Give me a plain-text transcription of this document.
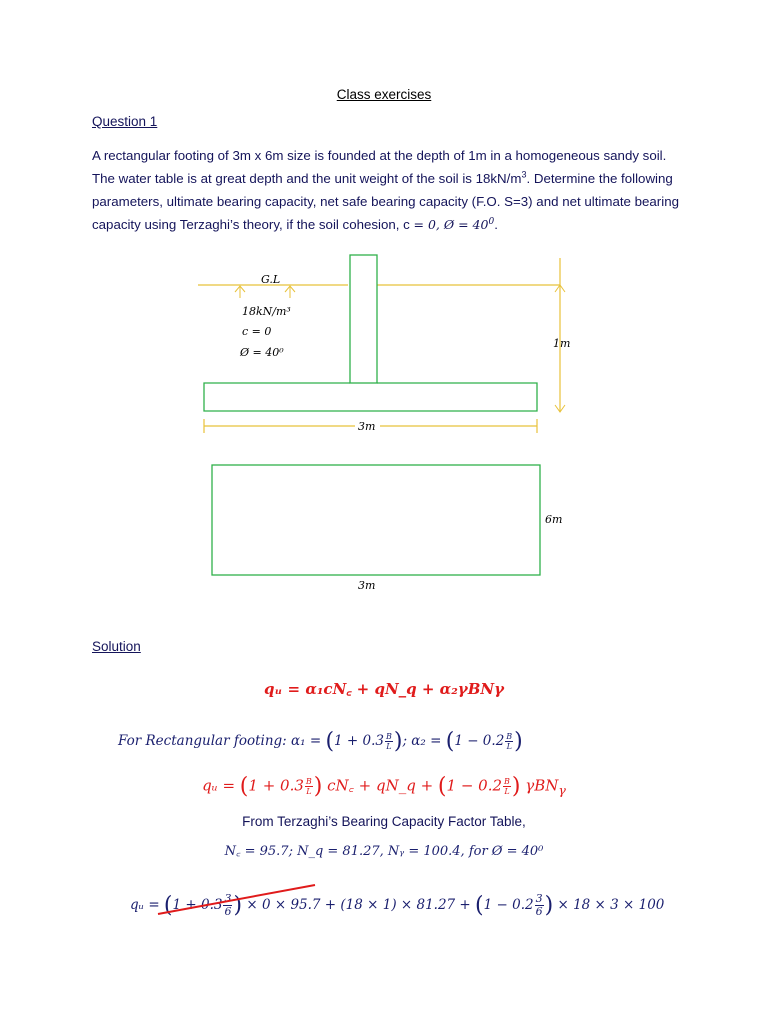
Class exercises
Question 1
A rectangular footing of 3m x 6m size is founded at the depth of 1m in a homogeneous sandy soil. The water table is at great depth and the unit weight of the soil is $18kN/m^3$. Determine the following parameters, ultimate bearing capacity, net safe bearing capacity (F.O. S=3) and net ultimate bearing capacity using Terzaghi’s theory, if the soil cohesion, c = 0, Ø = $40^0$.
G.L
18kN/m³
c = 0
Ø = 40⁰
1m
3m
6m
3m
Solution
qᵤ = α₁cN꜀ + qN_q + α₂γBNγ
For Rectangular footing: $\alpha_1 = (1 + 0.3 \frac{B}{L}$ ); $\alpha_2 = (1 - 0.2 \frac{B}{L}$ )
qᵤ = ($1 + 0.3 \frac{B}{L}$ ) cN꜀ + qN_q + ($1 - 0.2 \frac{B}{L}$ ) γBN$_\gamma$
From Terzaghi’s Bearing Capacity Factor Table,
N꜀ = 95.7; N_q = 81.27, Nᵧ = 100.4, for Ø = 40⁰
qᵤ = ($1 + 0.3 \frac{3}{6}$ ) × $0 \times 95.7 + (18 \times 1) \times 81.27 + (1 - 0.2 \frac{3}{6}$ ) × 18 × 3 × 100
